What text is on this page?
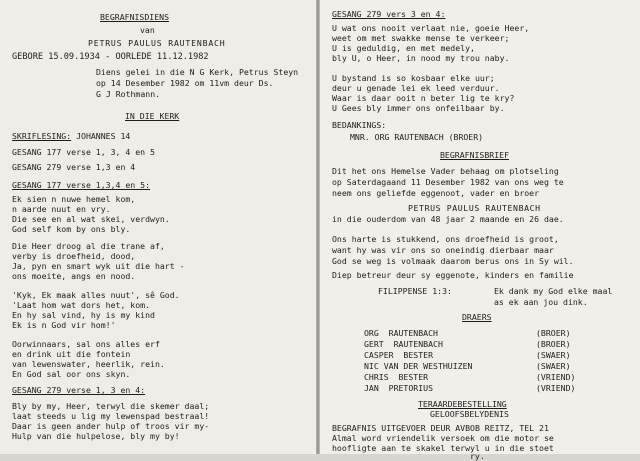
BEGRAFNISDIENS
van
PETRUS PAULUS RAUTENBACH
GEBORE 15.09.1934 - OORLEDE 11.12.1982
Diens gelei in die N G Kerk, Petrus Steyn
op 14 Desember 1982 om 11vm deur Ds.
G J Rothmann.
IN DIE KERK
SKRIFLESING: JOHANNES 14
GESANG 177 verse 1, 3, 4 en 5
GESANG 279 verse 1,3 en 4
GESANG 177 verse 1,3,4 en 5:
Ek sien n nuwe hemel kom,
n aarde nuut en vry.
Die see en al wat skei, verdwyn.
God self kom by ons bly.
Die Heer droog al die trane af,
verby is droefheid, dood,
Ja, pyn en smart wyk uit die hart -
ons moeite, angs en nood.
'Kyk, Ek maak alles nuut', sê God.
'Laat hom wat dors het, kom.
En hy sal vind, hy is my kind
Ek is n God vir hom!'
Oorwinnaars, sal ons alles erf
en drink uit die fontein
van lewenswater, heerlik, rein.
En God sal oor ons skyn.
GESANG 279 verse 1, 3 en 4:
Bly by my, Heer, terwyl die skemer daal;
laat steeds u lig my lewenspad bestraal!
Daar is geen ander hulp of troos vir my-
Hulp van die hulpelose, bly my by!
GESANG 279 vers 3 en 4:
U wat ons nooit verlaat nie, goeie Heer,
weet om met swakke mense te verkeer;
U is geduldig, en met medely,
bly U, o Heer, in nood my trou naby.
U bystand is so kosbaar elke uur;
deur u genade lei ek leed verduur.
Waar is daar ooit n beter lig te kry?
U Gees bly immer ons onfeilbaar by.
BEDANKINGS:
MNR. ORG RAUTENBACH (BROER)
BEGRAFNISBRIEF
Dit het ons Hemelse Vader behaag om plotseling
op Saterdagaand 11 Desember 1982 van ons weg te
neem ons geliefde eggenoot, vader en broer
PETRUS PAULUS RAUTENBACH
in die ouderdom van 48 jaar 2 maande en 26 dae.
Ons harte is stukkend, ons droefheid is groot,
want hy was vir ons so oneindig dierbaar maar
God se weg is volmaak daarom berus ons in Sy wil.
Diep betreur deur sy eggenote, kinders en familie
FILIPPENSE 1:3:	Ek dank my God elke maal
as ek aan jou dink.
DRAERS
ORG  RAUTENBACH	(BROER)
GERT  RAUTENBACH	(BROER)
CASPER  BESTER	(SWAER)
NIC VAN DER WESTHUIZEN	(SWAER)
CHRIS  BESTER	(VRIEND)
JAN  PRETORIUS	(VRIEND)
TERAARDEBESTELLING
GELOOFSBELYDENIS
BEGRAFNIS UITGEVOER DEUR AVBOB REITZ, TEL 21
Almal word vriendelik versoek om die motor se
hoofligte aan te skakel terwyl u in die stoet
ry.
